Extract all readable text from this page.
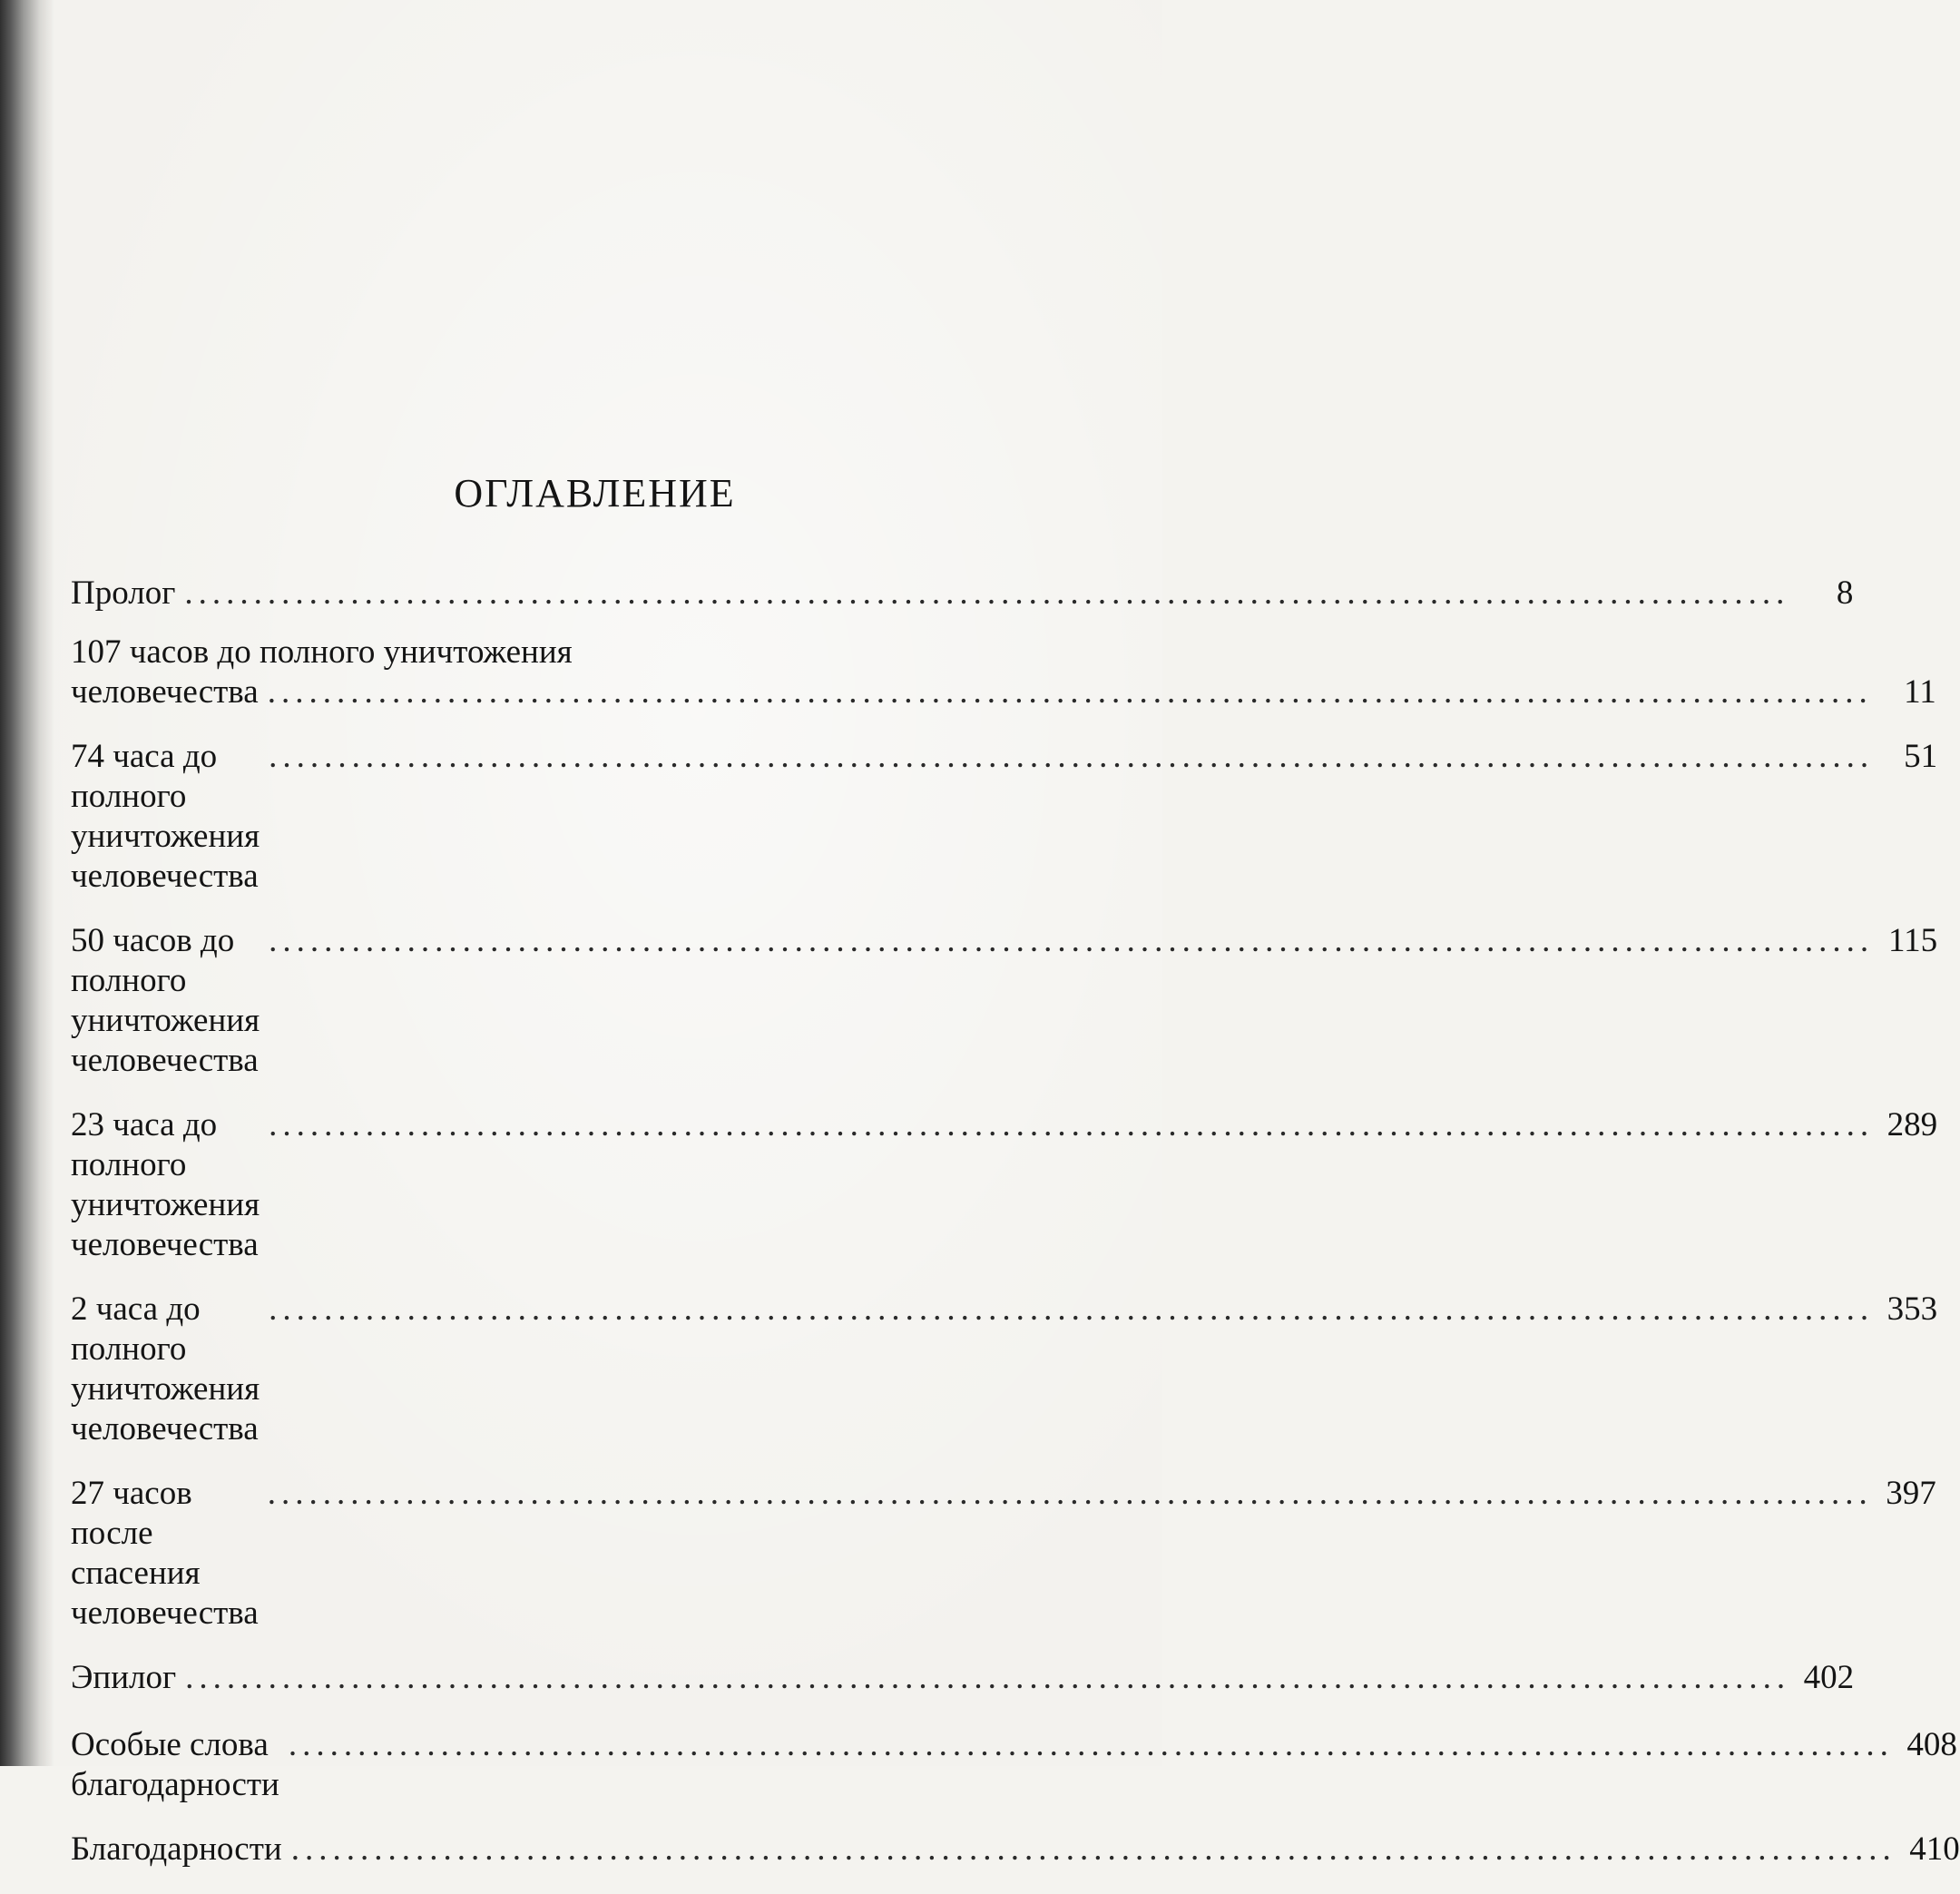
​
ОГЛАВЛЕНИЕ
Пролог ....................................................................................................................	8
107 часов до полного уничтожения
человечества .................................................................................................................... 11
74 часа до полного уничтожения человечества
.................................................................................................................... 51
50 часов до полного уничтожения человечества
.................................................................................................................... 115
23 часа до полного уничтожения человечества
.................................................................................................................... 289
2 часа до полного уничтожения человечества
.................................................................................................................... 353
27 часов после спасения человечества
.................................................................................................................... 397
Эпилог .................................................................................................................... 402
Особые слова благодарности
.................................................................................................................... 408
Благодарности .................................................................................................................... 410
